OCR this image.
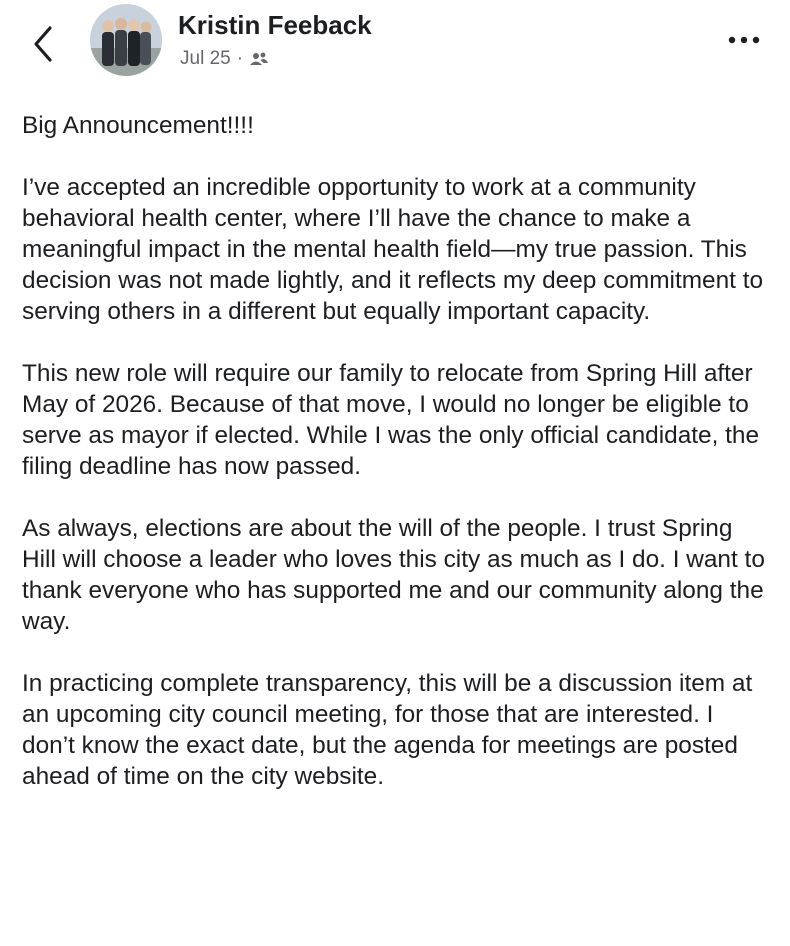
Kristin Feeback
Jul 25 ·

Big Announcement!!!!

I’ve accepted an incredible opportunity to work at a community behavioral health center, where I’ll have the chance to make a meaningful impact in the mental health field—my true passion. This decision was not made lightly, and it reflects my deep commitment to serving others in a different but equally important capacity.

This new role will require our family to relocate from Spring Hill after May of 2026. Because of that move, I would no longer be eligible to serve as mayor if elected. While I was the only official candidate, the filing deadline has now passed.

As always, elections are about the will of the people. I trust Spring Hill will choose a leader who loves this city as much as I do. I want to thank everyone who has supported me and our community along the way.

In practicing complete transparency, this will be a discussion item at an upcoming city council meeting, for those that are interested. I don’t know the exact date, but the agenda for meetings are posted ahead of time on the city website.
